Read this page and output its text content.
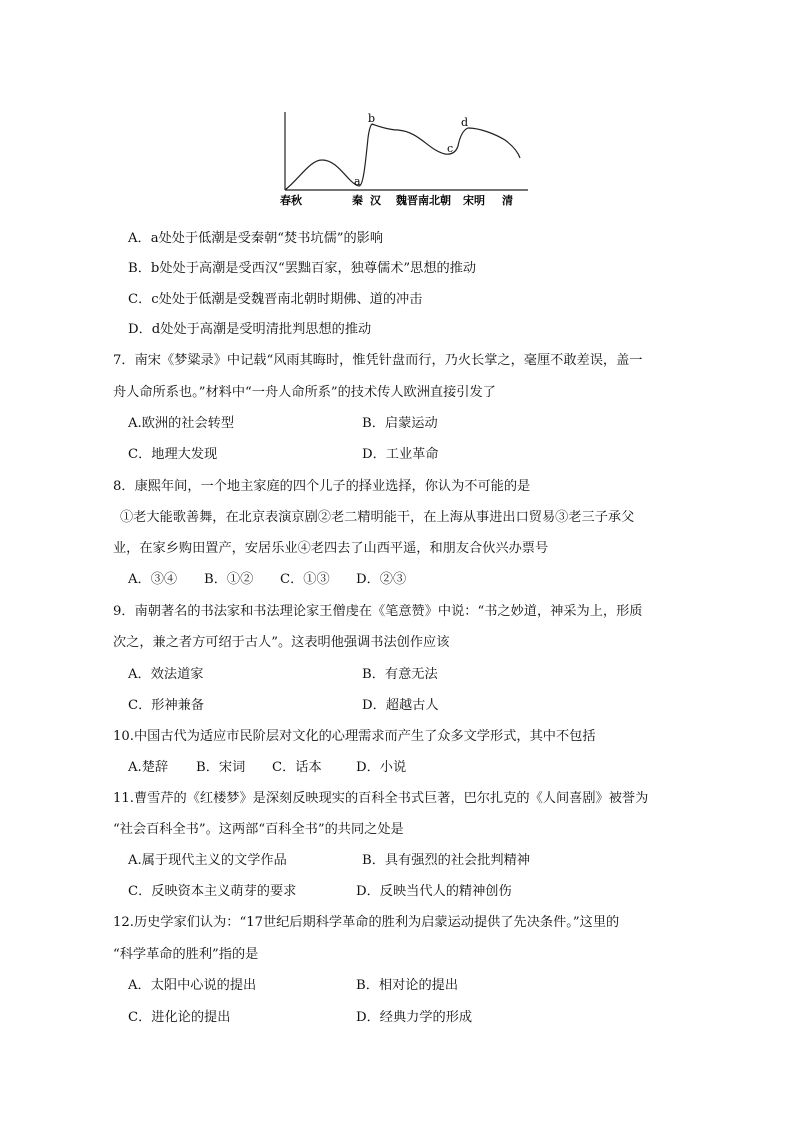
a
b
c
d
春秋	秦 汉 魏晋南北朝 宋明 清
A．a处处于低潮是受秦朝“焚书坑儒”的影响
B．b处处于高潮是受西汉“罢黜百家，独尊儒术”思想的推动
C．c处处于低潮是受魏晋南北朝时期佛、道的冲击
D．d处处于高潮是受明清批判思想的推动
7．南宋《梦粱录》中记载“风雨其晦时，惟凭针盘而行，乃火长掌之，毫厘不敢差误，盖一
舟人命所系也。”材料中“一舟人命所系”的技术传人欧洲直接引发了
A.欧洲的社会转型	B．启蒙运动
C．地理大发现	D．工业革命
8．康熙年间，一个地主家庭的四个儿子的择业选择，你认为不可能的是
①老大能歌善舞，在北京表演京剧②老二精明能干，在上海从事进出口贸易③老三子承父
业，在家乡购田置产，安居乐业④老四去了山西平遥，和朋友合伙兴办票号
A．③④ B．①② C．①③ D．②③
9．南朝著名的书法家和书法理论家王僧虔在《笔意赞》中说：“书之妙道，神采为上，形质
次之，兼之者方可绍于古人”。这表明他强调书法创作应该
A．效法道家	B．有意无法
C．形神兼备	D．超越古人
10.中国古代为适应市民阶层对文化的心理需求而产生了众多文学形式，其中不包括
A.楚辞 B．宋词 C．话本	D．小说
11.曹雪芹的《红楼梦》是深刻反映现实的百科全书式巨著，巴尔扎克的《人间喜剧》被誉为
“社会百科全书”。这两部“百科全书”的共同之处是
A.属于现代主义的文学作品	B．具有强烈的社会批判精神
C．反映资本主义萌芽的要求	D．反映当代人的精神创伤
12.历史学家们认为：“17世纪后期科学革命的胜利为启蒙运动提供了先决条件。”这里的
“科学革命的胜利”指的是
A．太阳中心说的提出	B．相对论的提出
C．进化论的提出	D．经典力学的形成
